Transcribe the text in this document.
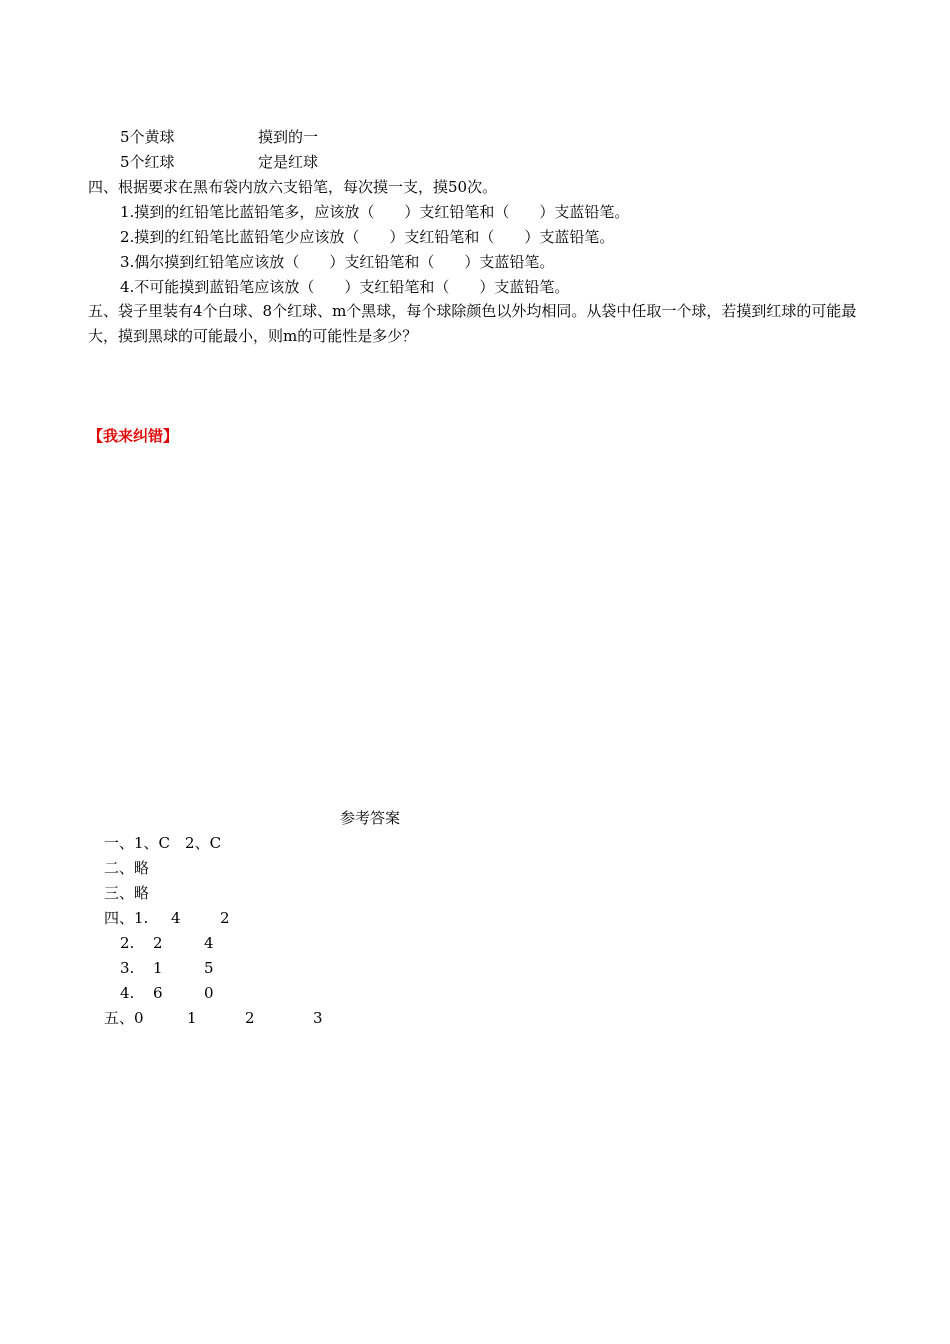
5个黄球	摸到的一
5个红球	定是红球
四、根据要求在黑布袋内放六支铅笔，每次摸一支，摸50次。
1.摸到的红铅笔比蓝铅笔多，应该放（　　）支红铅笔和（　　）支蓝铅笔。
2.摸到的红铅笔比蓝铅笔少应该放（　　）支红铅笔和（　　）支蓝铅笔。
3.偶尔摸到红铅笔应该放（　　）支红铅笔和（　　）支蓝铅笔。
4.不可能摸到蓝铅笔应该放（　　）支红铅笔和（　　）支蓝铅笔。
五、袋子里装有4个白球、8个红球、m个黑球，每个球除颜色以外均相同。从袋中任取一个球，若摸到红球的可能最大，摸到黑球的可能最小，则m的可能性是多少？
【我来纠错】
参考答案
一、1、C　2、C
二、略
三、略
四、1. 4	2
2. 2	4
3. 1	5
4. 6	0
五、0	1	2	3
